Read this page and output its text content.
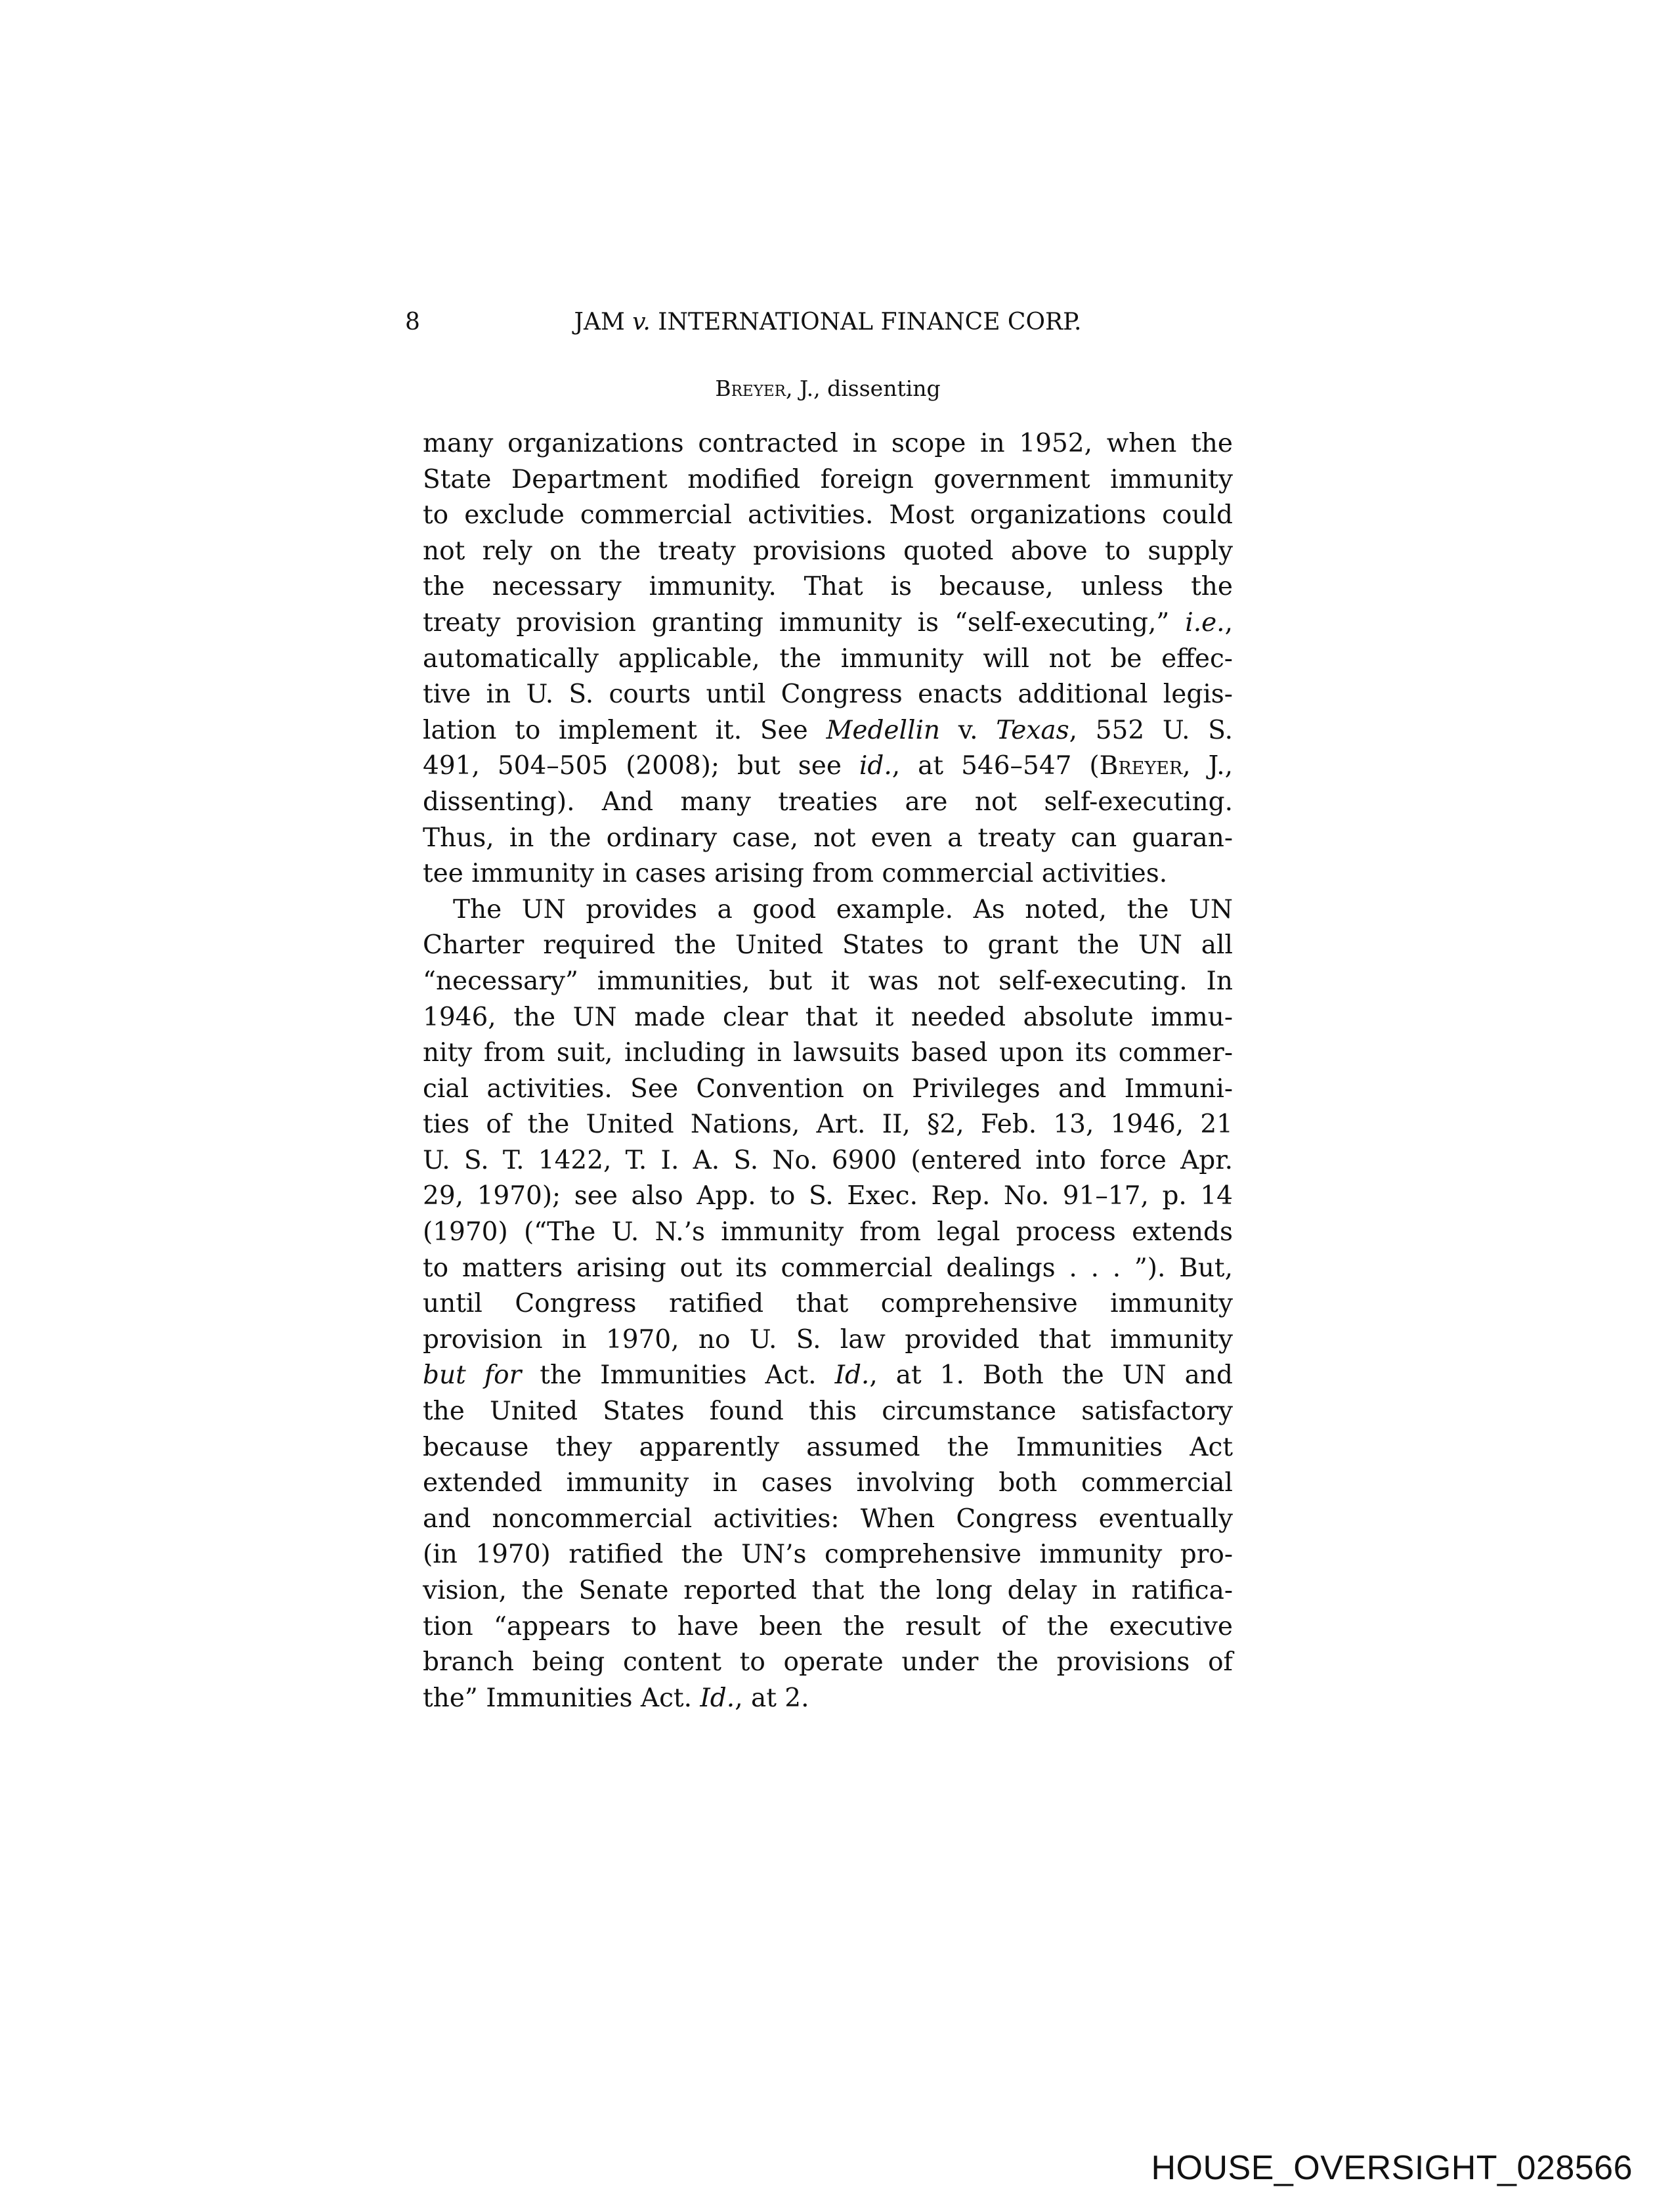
8	JAM v. INTERNATIONAL FINANCE CORP.
Breyer, J., dissenting
many organizations contracted in scope in 1952, when the
State Department modified foreign government immunity
to exclude commercial activities. Most organizations could
not rely on the treaty provisions quoted above to supply
the necessary immunity. That is because, unless the
treaty provision granting immunity is “self-executing,” i.e.,
automatically applicable, the immunity will not be effec-
tive in U. S. courts until Congress enacts additional legis-
lation to implement it. See Medellin v. Texas, 552 U. S.
491, 504–505 (2008); but see id., at 546–547 (Breyer, J.,
dissenting). And many treaties are not self-executing.
Thus, in the ordinary case, not even a treaty can guaran-
tee immunity in cases arising from commercial activities.
The UN provides a good example. As noted, the UN
Charter required the United States to grant the UN all
“necessary” immunities, but it was not self-executing. In
1946, the UN made clear that it needed absolute immu-
nity from suit, including in lawsuits based upon its commer-
cial activities. See Convention on Privileges and Immuni-
ties of the United Nations, Art. II, §2, Feb. 13, 1946, 21
U. S. T. 1422, T. I. A. S. No. 6900 (entered into force Apr.
29, 1970); see also App. to S. Exec. Rep. No. 91–17, p. 14
(1970) (“The U. N.’s immunity from legal process extends
to matters arising out its commercial dealings . . . ”). But,
until Congress ratified that comprehensive immunity
provision in 1970, no U. S. law provided that immunity
but for the Immunities Act. Id., at 1. Both the UN and
the United States found this circumstance satisfactory
because they apparently assumed the Immunities Act
extended immunity in cases involving both commercial
and noncommercial activities: When Congress eventually
(in 1970) ratified the UN’s comprehensive immunity pro-
vision, the Senate reported that the long delay in ratifica-
tion “appears to have been the result of the executive
branch being content to operate under the provisions of
the” Immunities Act. Id., at 2.
HOUSE_OVERSIGHT_028566
